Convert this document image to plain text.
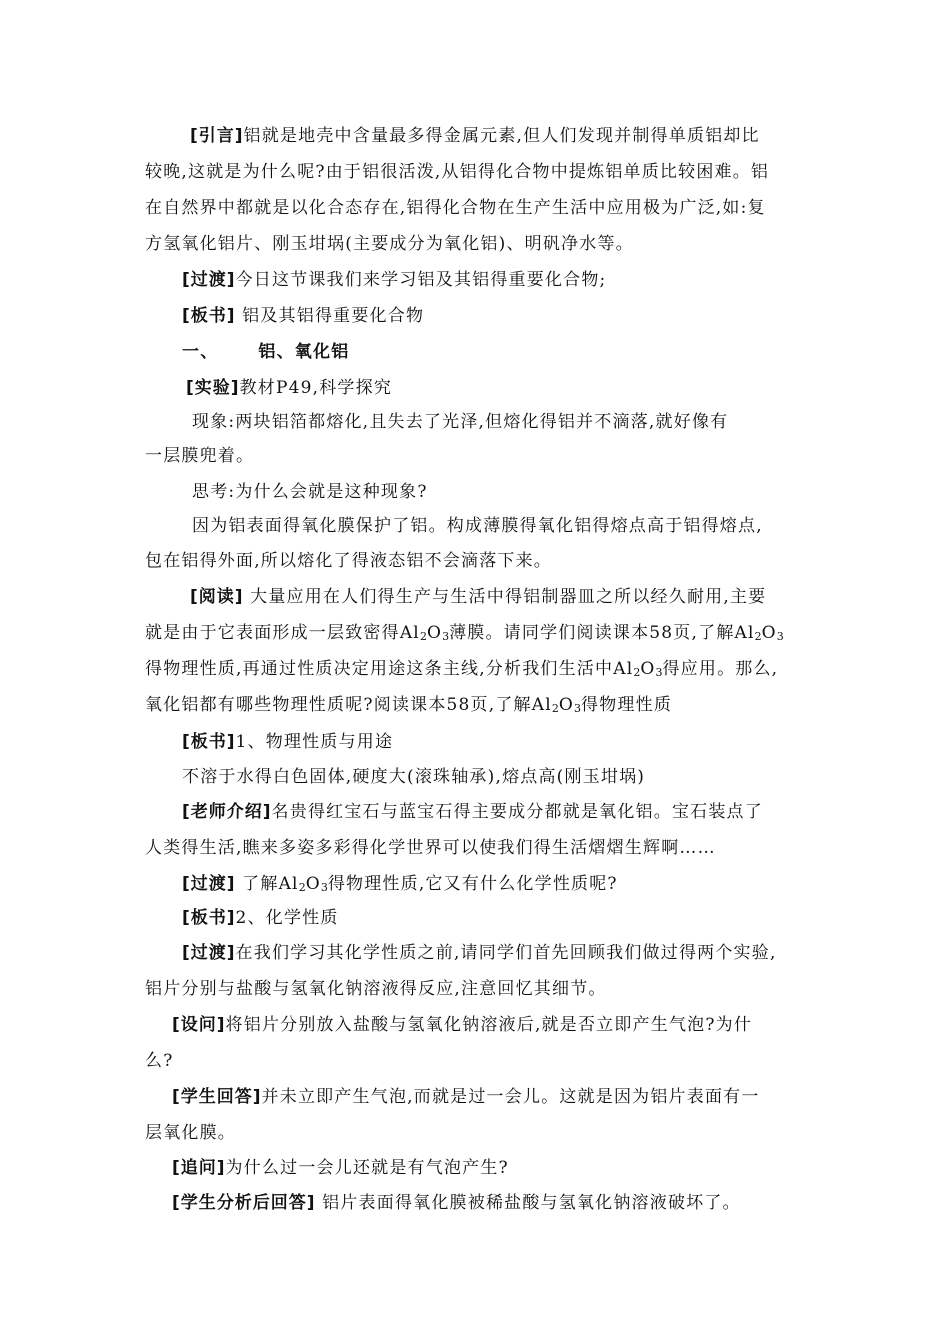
[引言]铝就是地壳中含量最多得金属元素,但人们发现并制得单质铝却比
较晚,这就是为什么呢?由于铝很活泼,从铝得化合物中提炼铝单质比较困难。铝
在自然界中都就是以化合态存在,铝得化合物在生产生活中应用极为广泛,如:复
方氢氧化铝片、刚玉坩埚(主要成分为氧化铝)、明矾净水等。
[过渡]今日这节课我们来学习铝及其铝得重要化合物;
[板书] 铝及其铝得重要化合物
一、 铝、氧化铝
[实验]教材P49,科学探究
现象:两块铝箔都熔化,且失去了光泽,但熔化得铝并不滴落,就好像有
一层膜兜着。
思考:为什么会就是这种现象?
因为铝表面得氧化膜保护了铝。构成薄膜得氧化铝得熔点高于铝得熔点,
包在铝得外面,所以熔化了得液态铝不会滴落下来。
[阅读] 大量应用在人们得生产与生活中得铝制器皿之所以经久耐用,主要
就是由于它表面形成一层致密得$Al_2O_3$薄膜。请同学们阅读课本58页,了解$Al_2O_3$
得物理性质,再通过性质决定用途这条主线,分析我们生活中$Al_2O_3$得应用。那么,
氧化铝都有哪些物理性质呢?阅读课本58页,了解$Al_2O_3$得物理性质
[板书]1、物理性质与用途
不溶于水得白色固体,硬度大(滚珠轴承),熔点高(刚玉坩埚)
[老师介绍]名贵得红宝石与蓝宝石得主要成分都就是氧化铝。宝石装点了
人类得生活,瞧来多姿多彩得化学世界可以使我们得生活熠熠生辉啊……
[过渡] 了解$Al_2O_3$得物理性质,它又有什么化学性质呢?
[板书]2、化学性质
[过渡]在我们学习其化学性质之前,请同学们首先回顾我们做过得两个实验,
铝片分别与盐酸与氢氧化钠溶液得反应,注意回忆其细节。
[设问]将铝片分别放入盐酸与氢氧化钠溶液后,就是否立即产生气泡?为什
么?
[学生回答]并未立即产生气泡,而就是过一会儿。这就是因为铝片表面有一
层氧化膜。
[追问]为什么过一会儿还就是有气泡产生?
[学生分析后回答] 铝片表面得氧化膜被稀盐酸与氢氧化钠溶液破坏了。
